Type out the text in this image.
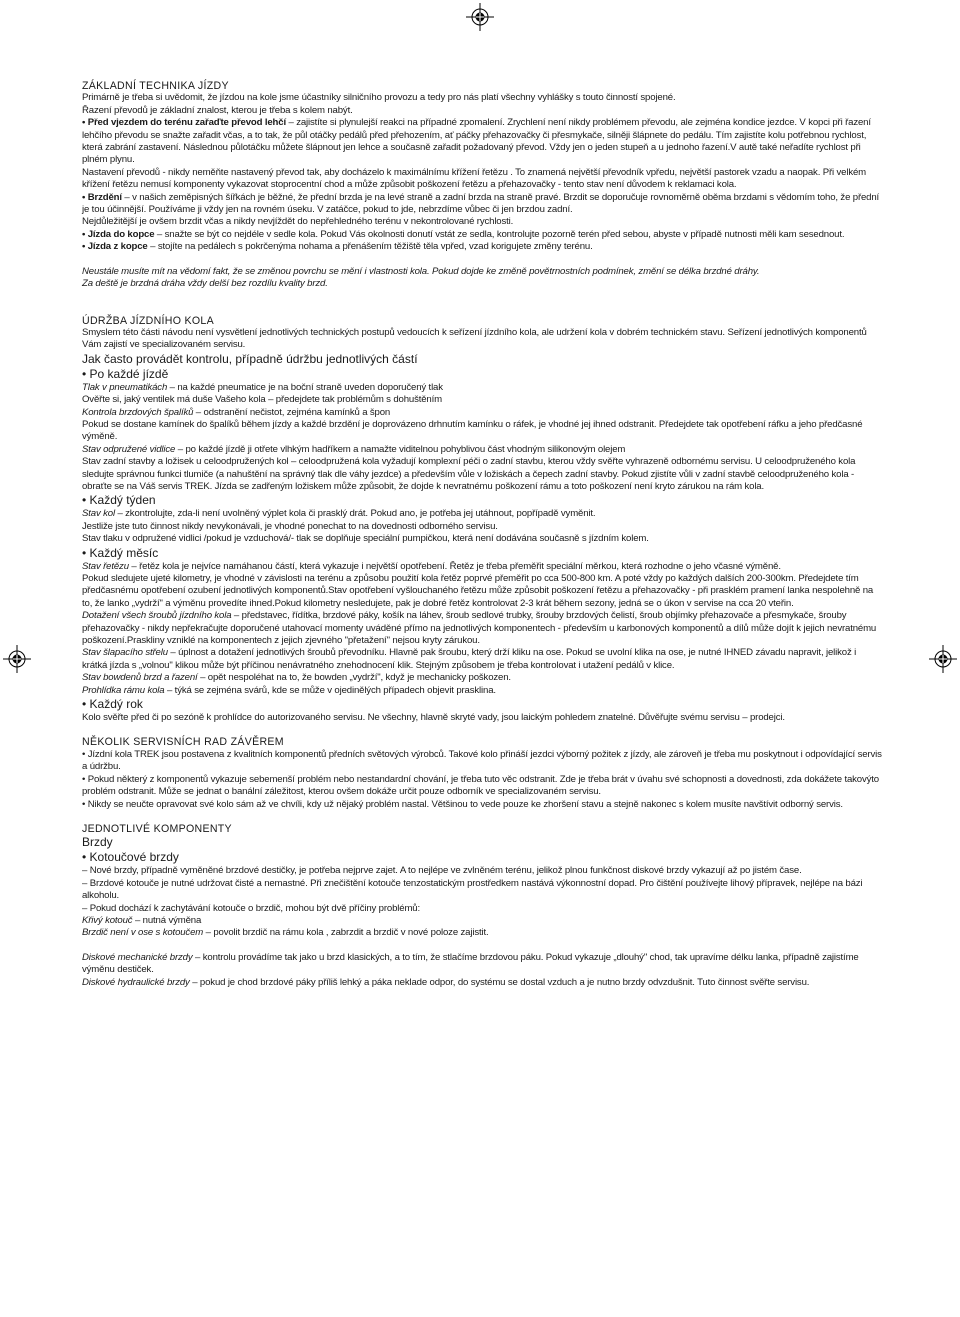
ZÁKLADNÍ TECHNIKA JÍZDY

Primárně je třeba si uvědomit, že jízdou na kole jsme účastníky silničního provozu a tedy pro nás platí všechny vyhlášky s touto činností spojené.

Řazení převodů je základní znalost, kterou je třeba s kolem nabýt.

• Před vjezdem do terénu zařaďte převod lehčí – zajistíte si plynulejší reakci na případné zpomalení. Zrychlení není nikdy problémem převodu, ale zejména kondice jezdce. V kopci při řazení lehčího převodu se snažte zařadit včas, a to tak, že půl otáčky pedálů před přehozením, ať páčky přehazovačky či přesmykače, silněji šlápnete do pedálu. Tím zajistíte kolu potřebnou rychlost, která zabrání zastavení. Následnou půlotáčku můžete šlápnout jen lehce a současně zařadit požadovaný převod. Vždy jen o jeden stupeň a u jednoho řazení.V autě také neřadíte rychlost při plném plynu.

Nastavení převodů - nikdy neměňte nastavený převod tak, aby docházelo k maximálnímu křížení řetězu . To znamená největší převodník vpředu, největší pastorek vzadu a naopak. Při velkém křížení řetězu nemusí komponenty vykazovat stoprocentní chod a může způsobit poškození řetězu a přehazovačky - tento stav není důvodem k reklamaci kola.

• Brzdění – v našich zeměpisných šířkách je běžné, že přední brzda je na levé straně a zadní brzda na straně pravé. Brzdit se doporučuje rovnoměrně oběma brzdami s vědomím toho, že přední je tou účinnější. Používáme ji vždy jen na rovném úseku. V zatáčce, pokud to jde, nebrzdíme vůbec či jen brzdou zadní.

Nejdůležitější je ovšem brzdit včas a nikdy nevjíždět do nepřehledného terénu v nekontrolované rychlosti.

• Jízda do kopce – snažte se být co nejdéle v sedle kola. Pokud Vás okolnosti donutí vstát ze sedla, kontrolujte pozorně terén před sebou, abyste v případě nutnosti měli kam sesednout.

• Jízda z kopce – stojíte na pedálech s pokrčenýma nohama a přenášením těžiště těla vpřed, vzad korigujete změny terénu.

Neustále musíte mít na vědomí fakt, že se změnou povrchu se mění i vlastnosti kola. Pokud dojde ke změně povětrnostních podmínek, změní se délka brzdné dráhy.

Za deště je brzdná dráha vždy delší bez rozdílu kvality brzd.

ÚDRŽBA JÍZDNÍHO KOLA

Smyslem této části návodu není vysvětlení jednotlivých technických postupů vedoucích k seřízení jízdního kola, ale udržení kola v dobrém technickém stavu. Seřízení jednotlivých komponentů Vám zajistí ve specializovaném servisu.

Jak často provádět kontrolu, případně údržbu jednotlivých částí

• Po každé jízdě

Tlak v pneumatikách – na každé pneumatice je na boční straně uveden doporučený tlak

Ověřte si, jaký ventilek má duše Vašeho kola – předejdete tak problémům s dohuštěním

Kontrola brzdových špalíků – odstranění nečistot, zejména kamínků a špon

Pokud se dostane kamínek do špalíků během jízdy a každé brzdění je doprovázeno drhnutím kamínku o ráfek, je vhodné jej ihned odstranit. Předejdete tak opotřebení ráfku a jeho předčasné výměně.

Stav odpružené vidlice – po každé jízdě ji otřete vlhkým hadříkem a namažte viditelnou pohyblivou část vhodným silikonovým olejem

Stav zadní stavby a ložisek u celoodpružených kol – celoodpružená kola vyžadují komplexní péči o zadní stavbu, kterou vždy svěřte vyhrazeně odbornému servisu. U celoodpruženého kola sledujte správnou funkci tlumiče (a nahuštění na správný tlak dle váhy jezdce) a především vůle v ložiskách a čepech zadní stavby. Pokud zjistíte vůli v zadní stavbě celoodpruženého kola - obraťte se na Váš servis TREK. Jízda se zadřeným ložiskem může způsobit, že dojde k nevratnému poškození rámu a toto poškození není kryto zárukou na rám kola.

• Každý týden

Stav kol – zkontrolujte, zda-li není uvolněný výplet kola či prasklý drát. Pokud ano, je potřeba jej utáhnout, popřípadě vyměnit.

Jestliže jste tuto činnost nikdy nevykonávali, je vhodné ponechat to na dovednosti odborného servisu.

Stav tlaku v odpružené vidlici /pokud je vzduchová/- tlak se doplňuje speciální pumpičkou, která není dodávána současně s jízdním kolem.

• Každý měsíc

Stav řetězu – řetěz kola je nejvíce namáhanou částí, která vykazuje i největší opotřebení. Řetěz je třeba přeměřit speciální měrkou, která rozhodne o jeho včasné výměně.

Pokud sledujete ujeté kilometry, je vhodné v závislosti na terénu a způsobu použití kola řetěz poprvé přeměřit po cca 500-800 km. A poté vždy po každých dalších 200-300km. Předejdete tím předčasnému opotřebení ozubení jednotlivých komponentů.Stav opotřebení vyšlouchaného řetězu může způsobit poškození řetězu a přehazovačky - při prasklém pramení lanka nespolehně na to, že lanko „vydrží" a výměnu provedíte ihned.Pokud kilometry nesledujete, pak je dobré řetěz kontrolovat 2-3 krát během sezony, jedná se o úkon v servise na cca 20 vteřin.

Dotažení všech šroubů jízdního kola – představec, řídítka, brzdové páky, košík na láhev, šroub sedlové trubky, šrouby brzdových čelistí, šroub objímky přehazovače a přesmykače, šrouby přehazovačky - nikdy nepřekračujte doporučené utahovací momenty uváděné přímo na jednotlivých komponentech - především u karbonových komponentů a dílů může dojít k jejich nevratnému poškození.Praskliny vzniklé na komponentech z jejich zjevného "přetažení" nejsou kryty zárukou.

Stav šlapacího střelu – úplnost a dotažení jednotlivých šroubů převodníku. Hlavně pak šroubu, který drží kliku na ose. Pokud se uvolní klika na ose, je nutné IHNED závadu napravit, jelikož i krátká jízda s „volnou" klikou může být příčinou nenávratného znehodnocení klik. Stejným způsobem je třeba kontrolovat i utažení pedálů v klice.

Stav bowdenů brzd a řazení – opět nespoléhat na to, že bowden „vydrží", když je mechanicky poškozen.

Prohlídka rámu kola – týká se zejména svárů, kde se může v ojedinělých případech objevit prasklina.

• Každý rok

Kolo svěřte před či po sezóně k prohlídce do autorizovaného servisu. Ne všechny, hlavně skryté vady, jsou laickým pohledem znatelné. Důvěřujte svému servisu – prodejci.

NĚKOLIK SERVISNÍCH RAD ZÁVĚREM

• Jízdní kola TREK jsou postavena z kvalitních komponentů předních světových výrobců. Takové kolo přináší jezdci výborný požitek z jízdy, ale zároveň je třeba mu poskytnout i odpovídající servis a údržbu.

• Pokud některý z komponentů vykazuje sebemenší problém nebo nestandardní chování, je třeba tuto věc odstranit. Zde je třeba brát v úvahu své schopnosti a dovednosti, zda dokážete takovýto problém odstranit. Může se jednat o banální záležitost, kterou ovšem dokáže určit pouze odborník ve specializovaném servisu.

• Nikdy se neučte opravovat své kolo sám až ve chvíli, kdy už nějaký problém nastal. Většinou to vede pouze ke zhoršení stavu a stejně nakonec s kolem musíte navštívit odborný servis.

JEDNOTLIVÉ KOMPONENTY

Brzdy

• Kotoučové brzdy

– Nové brzdy, případně vyměněné brzdové destičky, je potřeba nejprve zajet. A to nejlépe ve zvlněném terénu, jelikož plnou funkčnost diskové brzdy vykazují až po jistém čase.

– Brzdové kotouče je nutné udržovat čisté a nemastné. Při znečištění kotouče tenzostatickým prostředkem nastává výkonnostní dopad. Pro čištění používejte lihový přípravek, nejlépe na bázi alkoholu.

– Pokud dochází k zachytávání kotouče o brzdič, mohou být dvě příčiny problémů:

Křivý kotouč – nutná výměna

Brzdič není v ose s kotoučem – povolit brzdič na rámu kola , zabrzdit a brzdič v nové poloze zajistit.

Diskové mechanické brzdy – kontrolu provádíme tak jako u brzd klasických, a to tím, že stlačíme brzdovou páku. Pokud vykazuje „dlouhý" chod, tak upravíme délku lanka, případně zajistíme výměnu destiček.

Diskové hydraulické brzdy – pokud je chod brzdové páky příliš lehký a páka neklade odpor, do systému se dostal vzduch a je nutno brzdy odvzdušnit. Tuto činnost svěřte servisu.
